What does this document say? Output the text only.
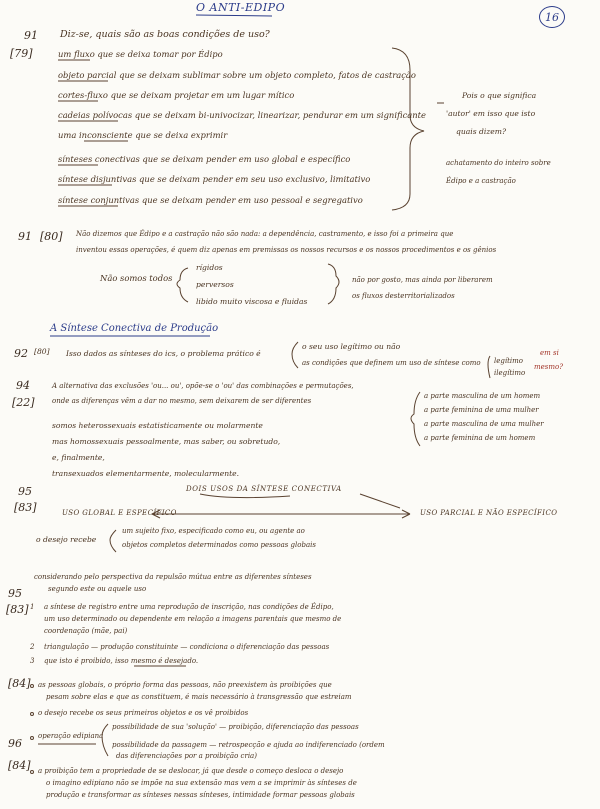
O ANTI-EDIPO
16
91
[79]
Diz-se, quais são as boas condições de uso?
um fluxo que se deixa tomar por Édipo
objeto parcial que se deixam sublimar sobre um objeto completo, fatos de castração
cortes-fluxo que se deixam projetar em um lugar mítico
cadeias polívocas que se deixam bi-univocizar, linearizar, pendurar em um significante
uma inconsciente que se deixa exprimir
sínteses conectivas que se deixam pender em uso global e específico
síntese disjuntivas que se deixam pender em seu uso exclusivo, limitativo
síntese conjuntivas que se deixam pender em uso pessoal e segregativo
Pois o que significa
'autor' em isso que isto
quais dizem?
achatamento do inteiro sobre
Édipo e a castração
91 [80] Não dizemos que Édipo e a castração não são nada: a dependência, castramento, e isso foi a primeira que
inventou essas operações, é quem diz apenas em premissas os nossos recursos e os nossos procedimentos e os gênios
Não somos todos
rígidos
perversos
libido muito viscosa e fluidas
não por gosto, mas ainda por liberarem
os fluxos desterritorializados
A Síntese Conectiva de Produção
92 [80] Isso dados as sínteses do ics, o problema prático é
o seu uso legítimo ou não
as condições que definem um uso de síntese como legítimo
ilegítimo
em si
mesmo?
94
[22]
A alternativa das exclusões 'ou... ou', opõe-se o 'ou' das combinações e permutações,
onde as diferenças vêm a dar no mesmo, sem deixarem de ser diferentes
somos heterossexuais estatisticamente ou molarmente
mas homossexuais pessoalmente, mas saber, ou sobretudo,
e, finalmente,
transexuados elementarmente, molecularmente.
a parte masculina de um homem
a parte feminina de uma mulher
a parte masculina de uma mulher
a parte feminina de um homem
95
[83]
DOIS USOS DA SÍNTESE CONECTIVA
USO GLOBAL E ESPECÍFICO	USO PARCIAL E NÃO ESPECÍFICO
o desejo recebe
um sujeito fixo, especificado como eu, ou agente ao
objetos completos determinados como pessoas globais
considerando pelo perspectiva da repulsão mútua entre as diferentes sínteses
segundo este ou aquele uso
95
[83] 1 a síntese de registro entre uma reprodução de inscrição, nas condições de Édipo,
um uso determinado ou dependente em relação a imagens parentais que mesmo de
coordenação (mãe, pai)
2 triangulação — produção constituinte — condiciona o diferenciação das pessoas
3 que isto é proibido, isso mesmo é desejado.
[84] as pessoas globais, o próprio forma das pessoas, não preexistem às proibições que
pesam sobre elas e que as constituem, é mais necessário à transgressão que estreiam
o desejo recebe os seus primeiros objetos e os vê proibidos
96
operação edipiana
possibilidade de sua 'solução' — proibição, diferenciação das pessoas
possibilidade da passagem — retrospecção e ajuda ao indiferenciado (ordem
das diferenciações por a proibição cria)
[84] a proibição tem a propriedade de se deslocar, já que desde o começo desloca o desejo
o imagino edipiano não se impõe na sua extensão mas vem a se imprimir às sínteses de
produção e transformar as sínteses nessas sínteses, intimidade formar pessoas globais
